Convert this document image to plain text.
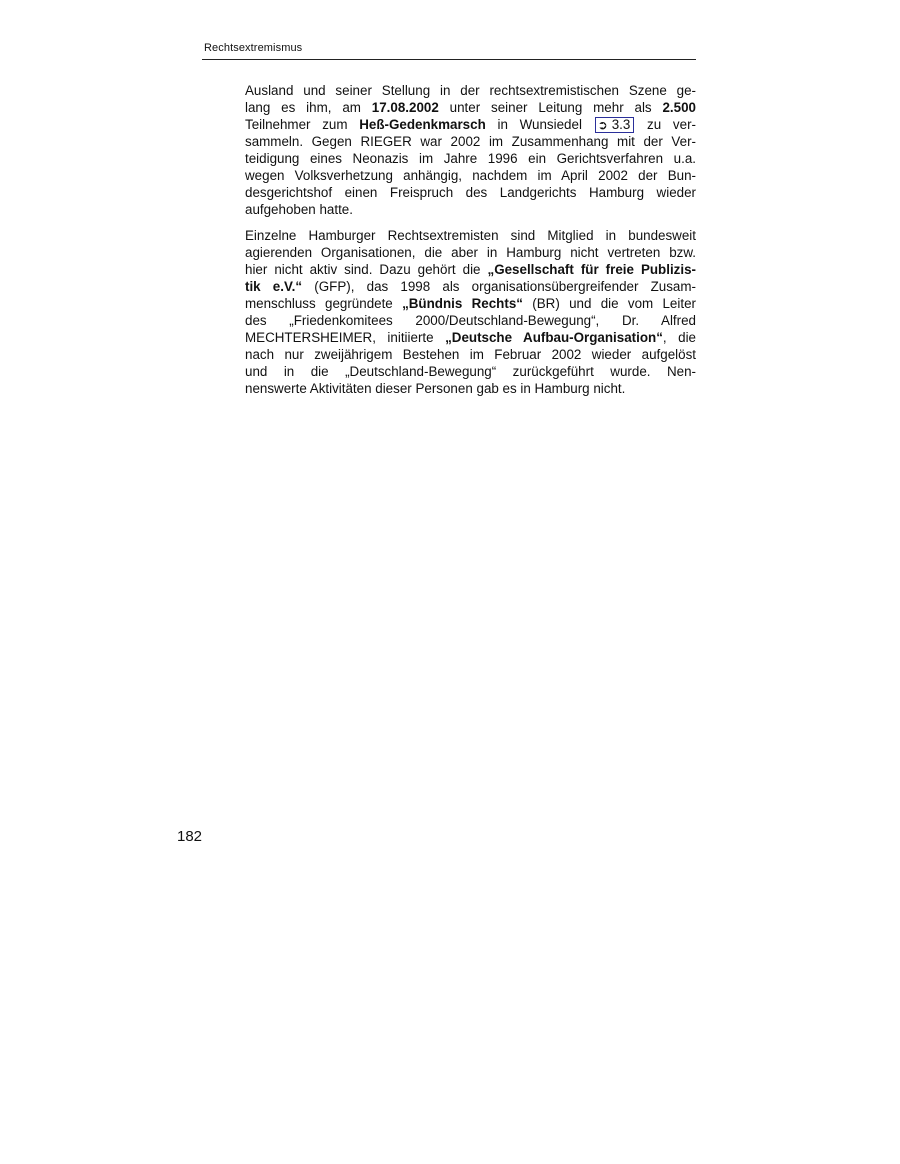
Rechtsextremismus

Ausland und seiner Stellung in der rechtsextremistischen Szene ge-
lang es ihm, am 17.08.2002 unter seiner Leitung mehr als 2.500
Teilnehmer zum Heß-Gedenkmarsch in Wunsiedel ➲ 3.3 zu ver-
sammeln. Gegen RIEGER war 2002 im Zusammenhang mit der Ver-
teidigung eines Neonazis im Jahre 1996 ein Gerichtsverfahren u.a.
wegen Volksverhetzung anhängig, nachdem im April 2002 der Bun-
desgerichtshof einen Freispruch des Landgerichts Hamburg wieder
aufgehoben hatte.

Einzelne Hamburger Rechtsextremisten sind Mitglied in bundesweit
agierenden Organisationen, die aber in Hamburg nicht vertreten bzw.
hier nicht aktiv sind. Dazu gehört die „Gesellschaft für freie Publizis-
tik e.V.“ (GFP), das 1998 als organisationsübergreifender Zusam-
menschluss gegründete „Bündnis Rechts“ (BR) und die vom Leiter
des „Friedenkomitees 2000/Deutschland-Bewegung“, Dr. Alfred
MECHTERSHEIMER, initiierte „Deutsche Aufbau-Organisation“, die
nach nur zweijährigem Bestehen im Februar 2002 wieder aufgelöst
und in die „Deutschland-Bewegung“ zurückgeführt wurde. Nen-
nenswerte Aktivitäten dieser Personen gab es in Hamburg nicht.

182
